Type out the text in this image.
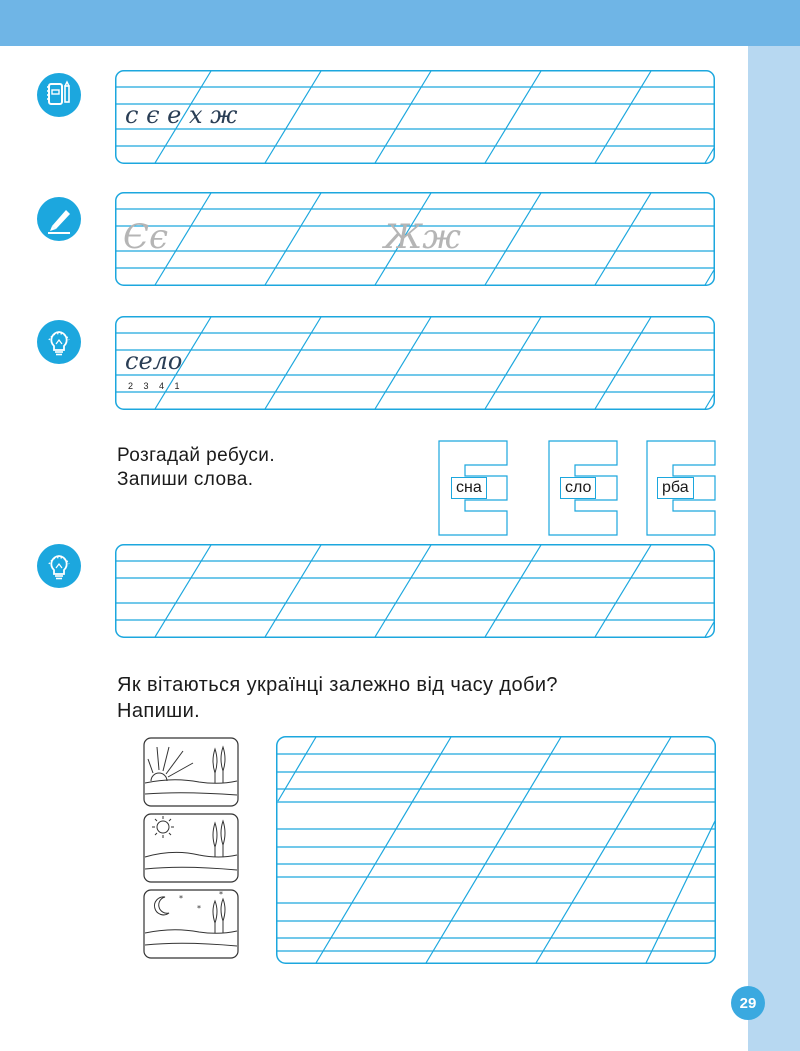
с є е х ж
Єє	Жж
село
2 3 4 1
Розгадай ребуси.
Запиши слова.	сна	сло	рба
Як вітаються українці залежно від часу доби?
Напиши.
*
*
*
29
